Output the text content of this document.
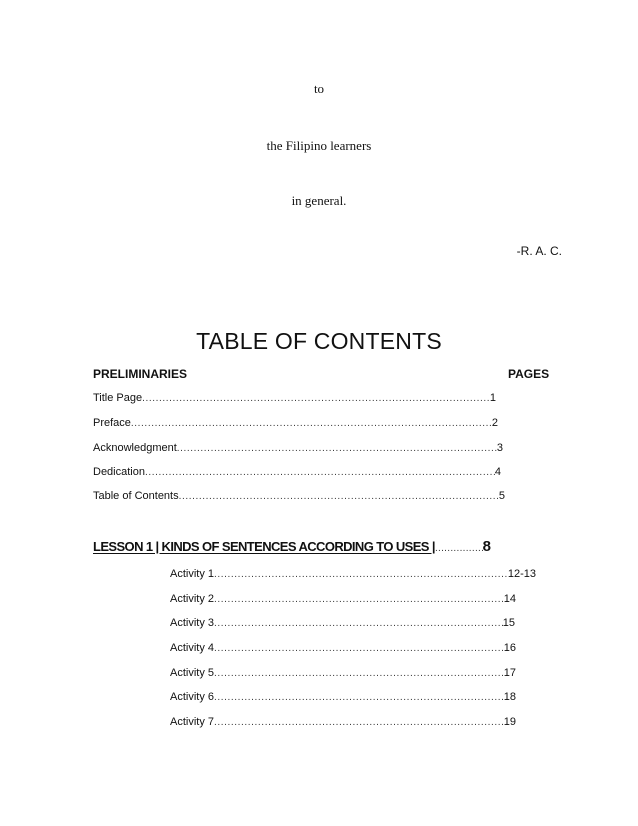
to
the Filipino learners
in general.
-R. A. C.
TABLE OF CONTENTS
PRELIMINARIES	PAGES
Title Page .....	1
Preface .....	2
Acknowledgment .....	3
Dedication .....	4
Table of Contents .....	5
LESSON 1 | KINDS OF SENTENCES ACCORDING TO USES | .....	8
Activity 1 .....	12-13
Activity 2 .....	14
Activity 3 .....	15
Activity 4 .....	16
Activity 5 .....	17
Activity 6 .....	18
Activity 7 .....	19
